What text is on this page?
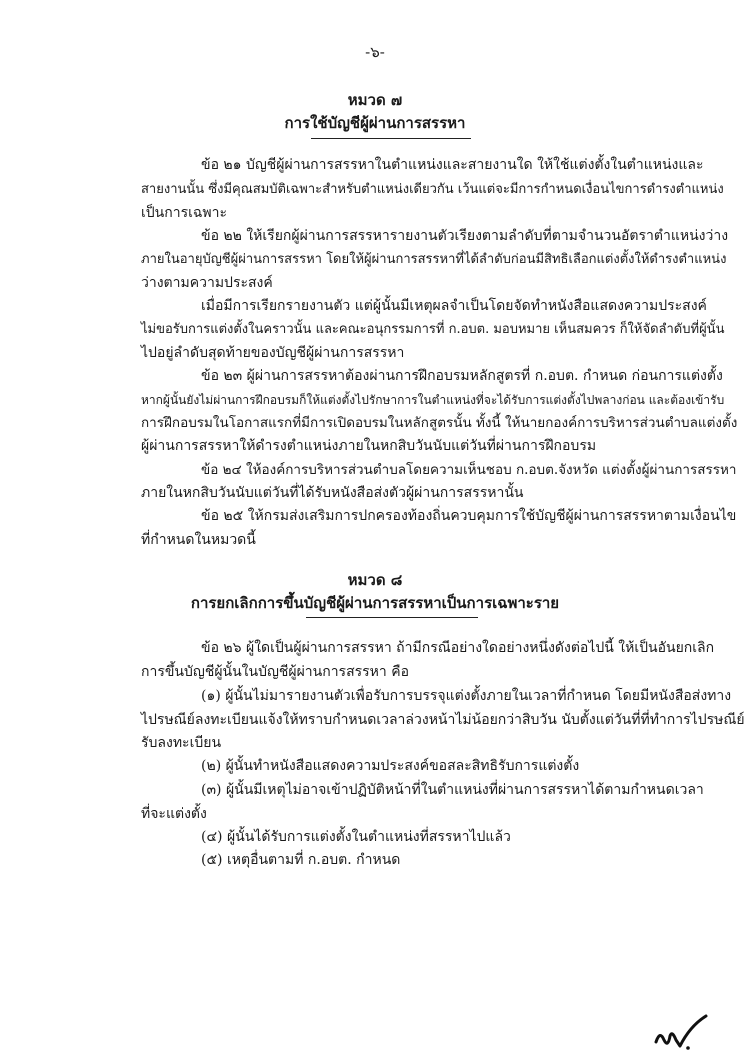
-๖-
หมวด ๗
การใช้บัญชีผู้ผ่านการสรรหา
ข้อ ๒๑ บัญชีผู้ผ่านการสรรหาในตำแหน่งและสายงานใด ให้ใช้แต่งตั้งในตำแหน่งและ
สายงานนั้น ซึ่งมีคุณสมบัติเฉพาะสำหรับตำแหน่งเดียวกัน เว้นแต่จะมีการกำหนดเงื่อนไขการดำรงตำแหน่ง
เป็นการเฉพาะ
ข้อ ๒๒ ให้เรียกผู้ผ่านการสรรหารายงานตัวเรียงตามลำดับที่ตามจำนวนอัตราตำแหน่งว่าง
ภายในอายุบัญชีผู้ผ่านการสรรหา โดยให้ผู้ผ่านการสรรหาที่ได้ลำดับก่อนมีสิทธิเลือกแต่งตั้งให้ดำรงตำแหน่ง
ว่างตามความประสงค์
เมื่อมีการเรียกรายงานตัว แต่ผู้นั้นมีเหตุผลจำเป็นโดยจัดทำหนังสือแสดงความประสงค์
ไม่ขอรับการแต่งตั้งในคราวนั้น และคณะอนุกรรมการที่ ก.อบต. มอบหมาย เห็นสมควร ก็ให้จัดลำดับที่ผู้นั้น
ไปอยู่ลำดับสุดท้ายของบัญชีผู้ผ่านการสรรหา
ข้อ ๒๓ ผู้ผ่านการสรรหาต้องผ่านการฝึกอบรมหลักสูตรที่ ก.อบต. กำหนด ก่อนการแต่งตั้ง
หากผู้นั้นยังไม่ผ่านการฝึกอบรมก็ให้แต่งตั้งไปรักษาการในตำแหน่งที่จะได้รับการแต่งตั้งไปพลางก่อน และต้องเข้ารับ
การฝึกอบรมในโอกาสแรกที่มีการเปิดอบรมในหลักสูตรนั้น ทั้งนี้ ให้นายกองค์การบริหารส่วนตำบลแต่งตั้ง
ผู้ผ่านการสรรหาให้ดำรงตำแหน่งภายในหกสิบวันนับแต่วันที่ผ่านการฝึกอบรม
ข้อ ๒๔ ให้องค์การบริหารส่วนตำบลโดยความเห็นชอบ ก.อบต.จังหวัด แต่งตั้งผู้ผ่านการสรรหา
ภายในหกสิบวันนับแต่วันที่ได้รับหนังสือส่งตัวผู้ผ่านการสรรหานั้น
ข้อ ๒๕ ให้กรมส่งเสริมการปกครองท้องถิ่นควบคุมการใช้บัญชีผู้ผ่านการสรรหาตามเงื่อนไข
ที่กำหนดในหมวดนี้
หมวด ๘
การยกเลิกการขึ้นบัญชีผู้ผ่านการสรรหาเป็นการเฉพาะราย
ข้อ ๒๖ ผู้ใดเป็นผู้ผ่านการสรรหา ถ้ามีกรณีอย่างใดอย่างหนึ่งดังต่อไปนี้ ให้เป็นอันยกเลิก
การขึ้นบัญชีผู้นั้นในบัญชีผู้ผ่านการสรรหา คือ
(๑) ผู้นั้นไม่มารายงานตัวเพื่อรับการบรรจุแต่งตั้งภายในเวลาที่กำหนด โดยมีหนังสือส่งทาง
ไปรษณีย์ลงทะเบียนแจ้งให้ทราบกำหนดเวลาล่วงหน้าไม่น้อยกว่าสิบวัน นับตั้งแต่วันที่ที่ทำการไปรษณีย์
รับลงทะเบียน
(๒) ผู้นั้นทำหนังสือแสดงความประสงค์ขอสละสิทธิรับการแต่งตั้ง
(๓) ผู้นั้นมีเหตุไม่อาจเข้าปฏิบัติหน้าที่ในตำแหน่งที่ผ่านการสรรหาได้ตามกำหนดเวลา
ที่จะแต่งตั้ง
(๔) ผู้นั้นได้รับการแต่งตั้งในตำแหน่งที่สรรหาไปแล้ว
(๕) เหตุอื่นตามที่ ก.อบต. กำหนด
